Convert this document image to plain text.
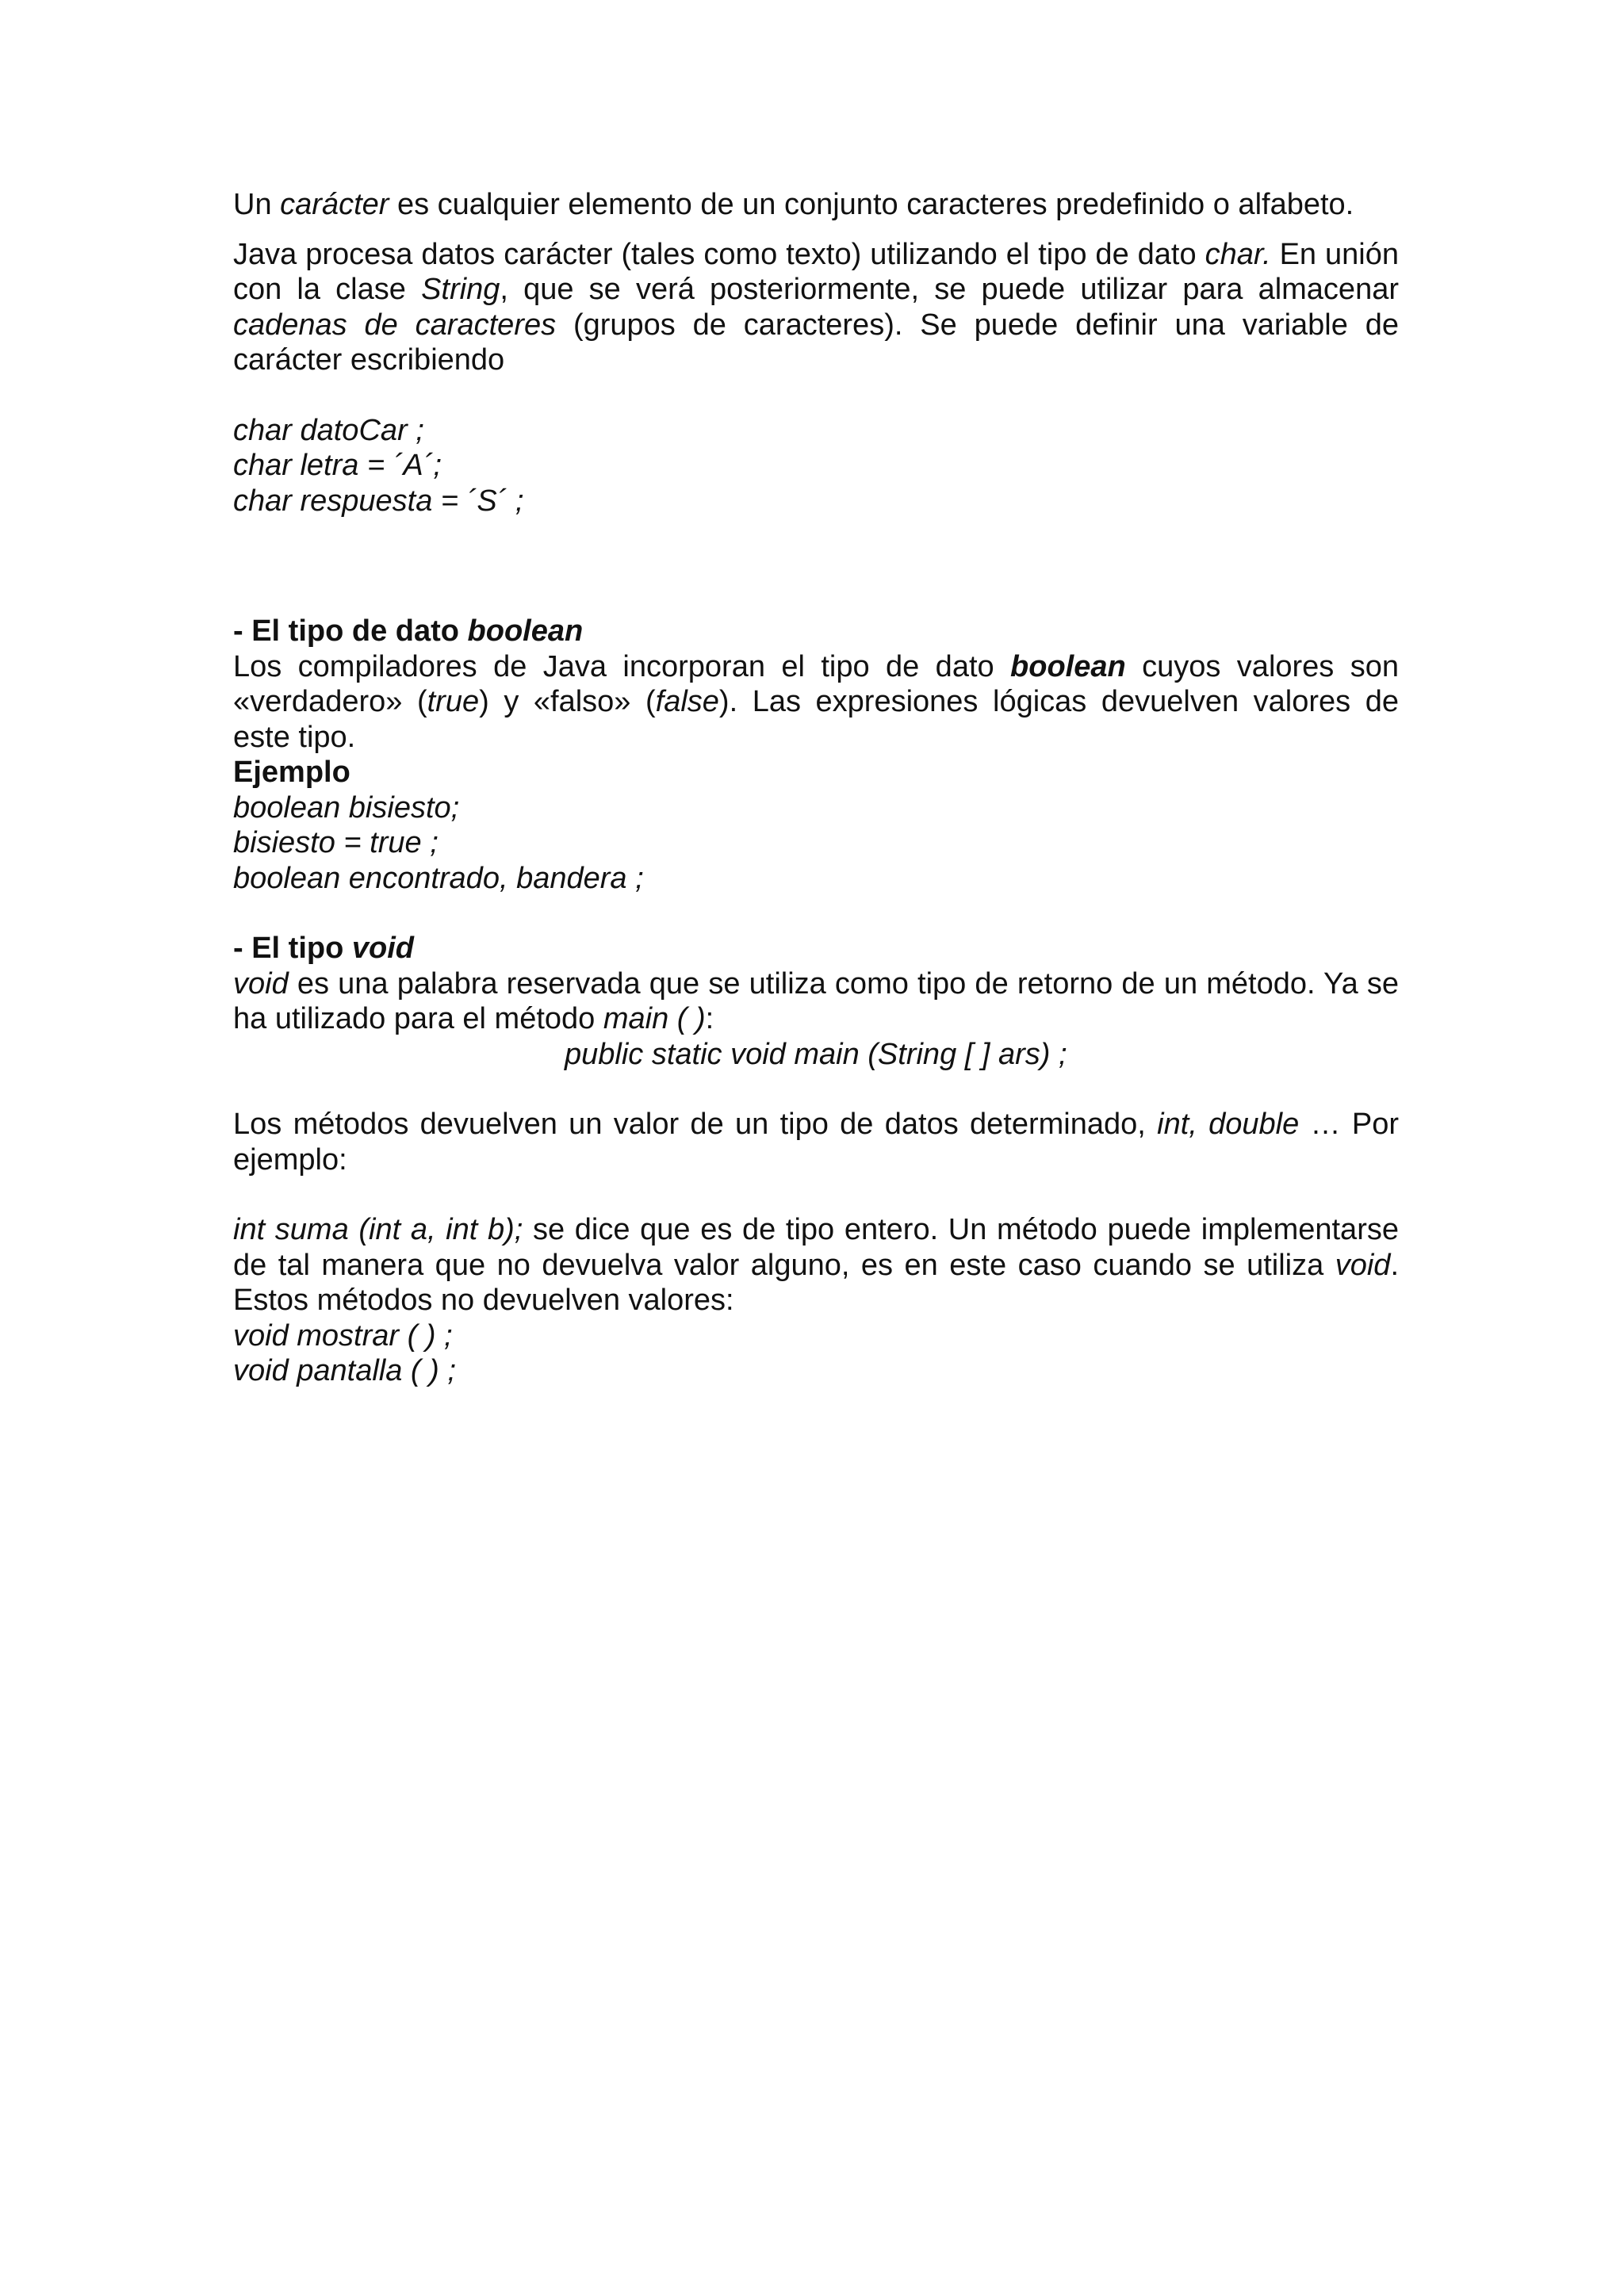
Un carácter es cualquier elemento de un conjunto caracteres predefinido o alfabeto.

Java procesa datos carácter (tales como texto) utilizando el tipo de dato char. En unión con la clase String, que se verá posteriormente, se puede utilizar para almacenar cadenas de caracteres (grupos de caracteres). Se puede definir una variable de carácter escribiendo

char datoCar ;

char letra = ´A´;

char respuesta = ´S´ ;

- El tipo de dato boolean

Los compiladores de Java incorporan el tipo de dato boolean cuyos valores son «verdadero» (true) y «falso» (false). Las expresiones lógicas devuelven valores de este tipo.

Ejemplo

boolean bisiesto;

bisiesto = true ;

boolean encontrado, bandera ;

- El tipo void

void es una palabra reservada que se utiliza como tipo de retorno de un método. Ya se ha utilizado para el método main ( ):

public static void main (String [ ] ars) ;

Los métodos devuelven un valor de un tipo de datos determinado, int, double … Por ejemplo:

int suma (int a, int b); se dice que es de tipo entero. Un método puede implementarse de tal manera que no devuelva valor alguno, es en este caso cuando se utiliza void. Estos métodos no devuelven valores:

void mostrar ( ) ;

void pantalla ( ) ;
